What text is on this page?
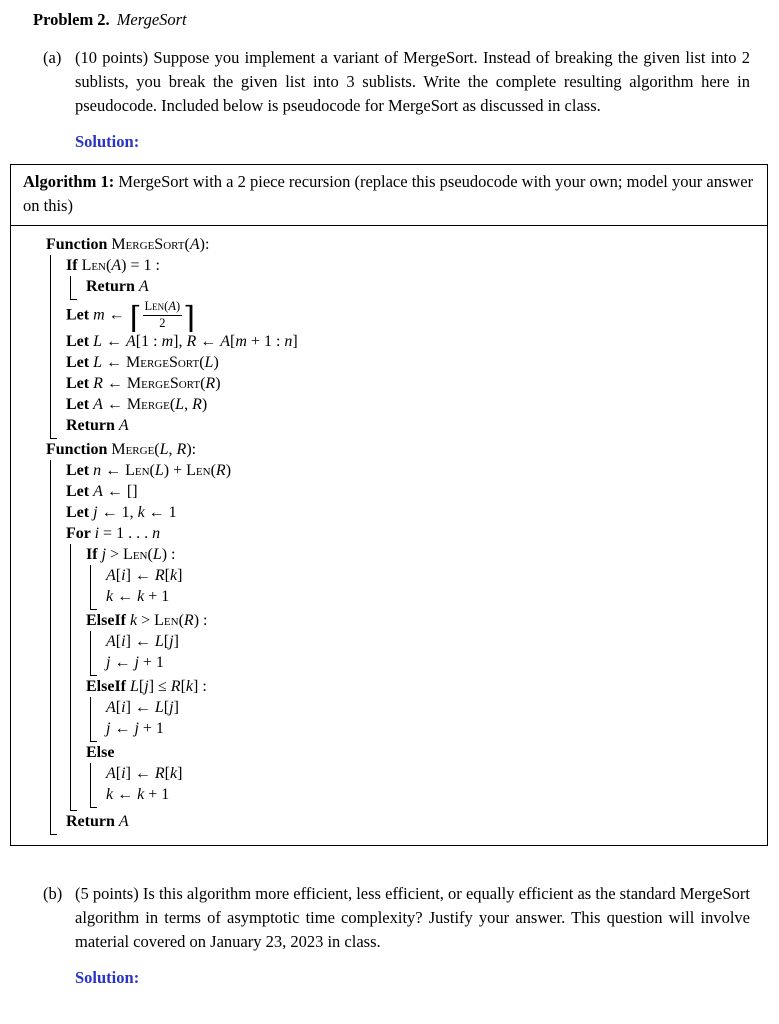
Problem 2. MergeSort
(a) (10 points) Suppose you implement a variant of MergeSort. Instead of breaking the given list into 2 sublists, you break the given list into 3 sublists. Write the complete resulting algorithm here in pseudocode. Included below is pseudocode for MergeSort as discussed in class.
Solution:
Algorithm 1: MergeSort with a 2 piece recursion (replace this pseudocode with your own; model your answer on this)
Function MergeSort(A):
If Len(A) = 1 :
Return A
Let m ← ⌈ $\frac{\text{Len(A)}}{2}$ ⌉
Let L ← A[1 : m], R ← A[m + 1 : n]
Let L ← MergeSort(L)
Let R ← MergeSort(R)
Let A ← Merge(L, R)
Return A
Function Merge(L, R):
Let n ← Len(L) + Len(R)
Let A ← []
Let j ← 1, k ← 1
For i = 1 . . . n
If j > Len(L) :
A[i] ← R[k]
k ← k + 1
ElseIf k > Len(R) :
A[i] ← L[j]
j ← j + 1
ElseIf L[j] ≤ R[k] :
A[i] ← L[j]
j ← j + 1
Else
A[i] ← R[k]
k ← k + 1
Return A
(b) (5 points) Is this algorithm more efficient, less efficient, or equally efficient as the standard MergeSort algorithm in terms of asymptotic time complexity? Justify your answer. This question will involve material covered on January 23, 2023 in class.
Solution:
